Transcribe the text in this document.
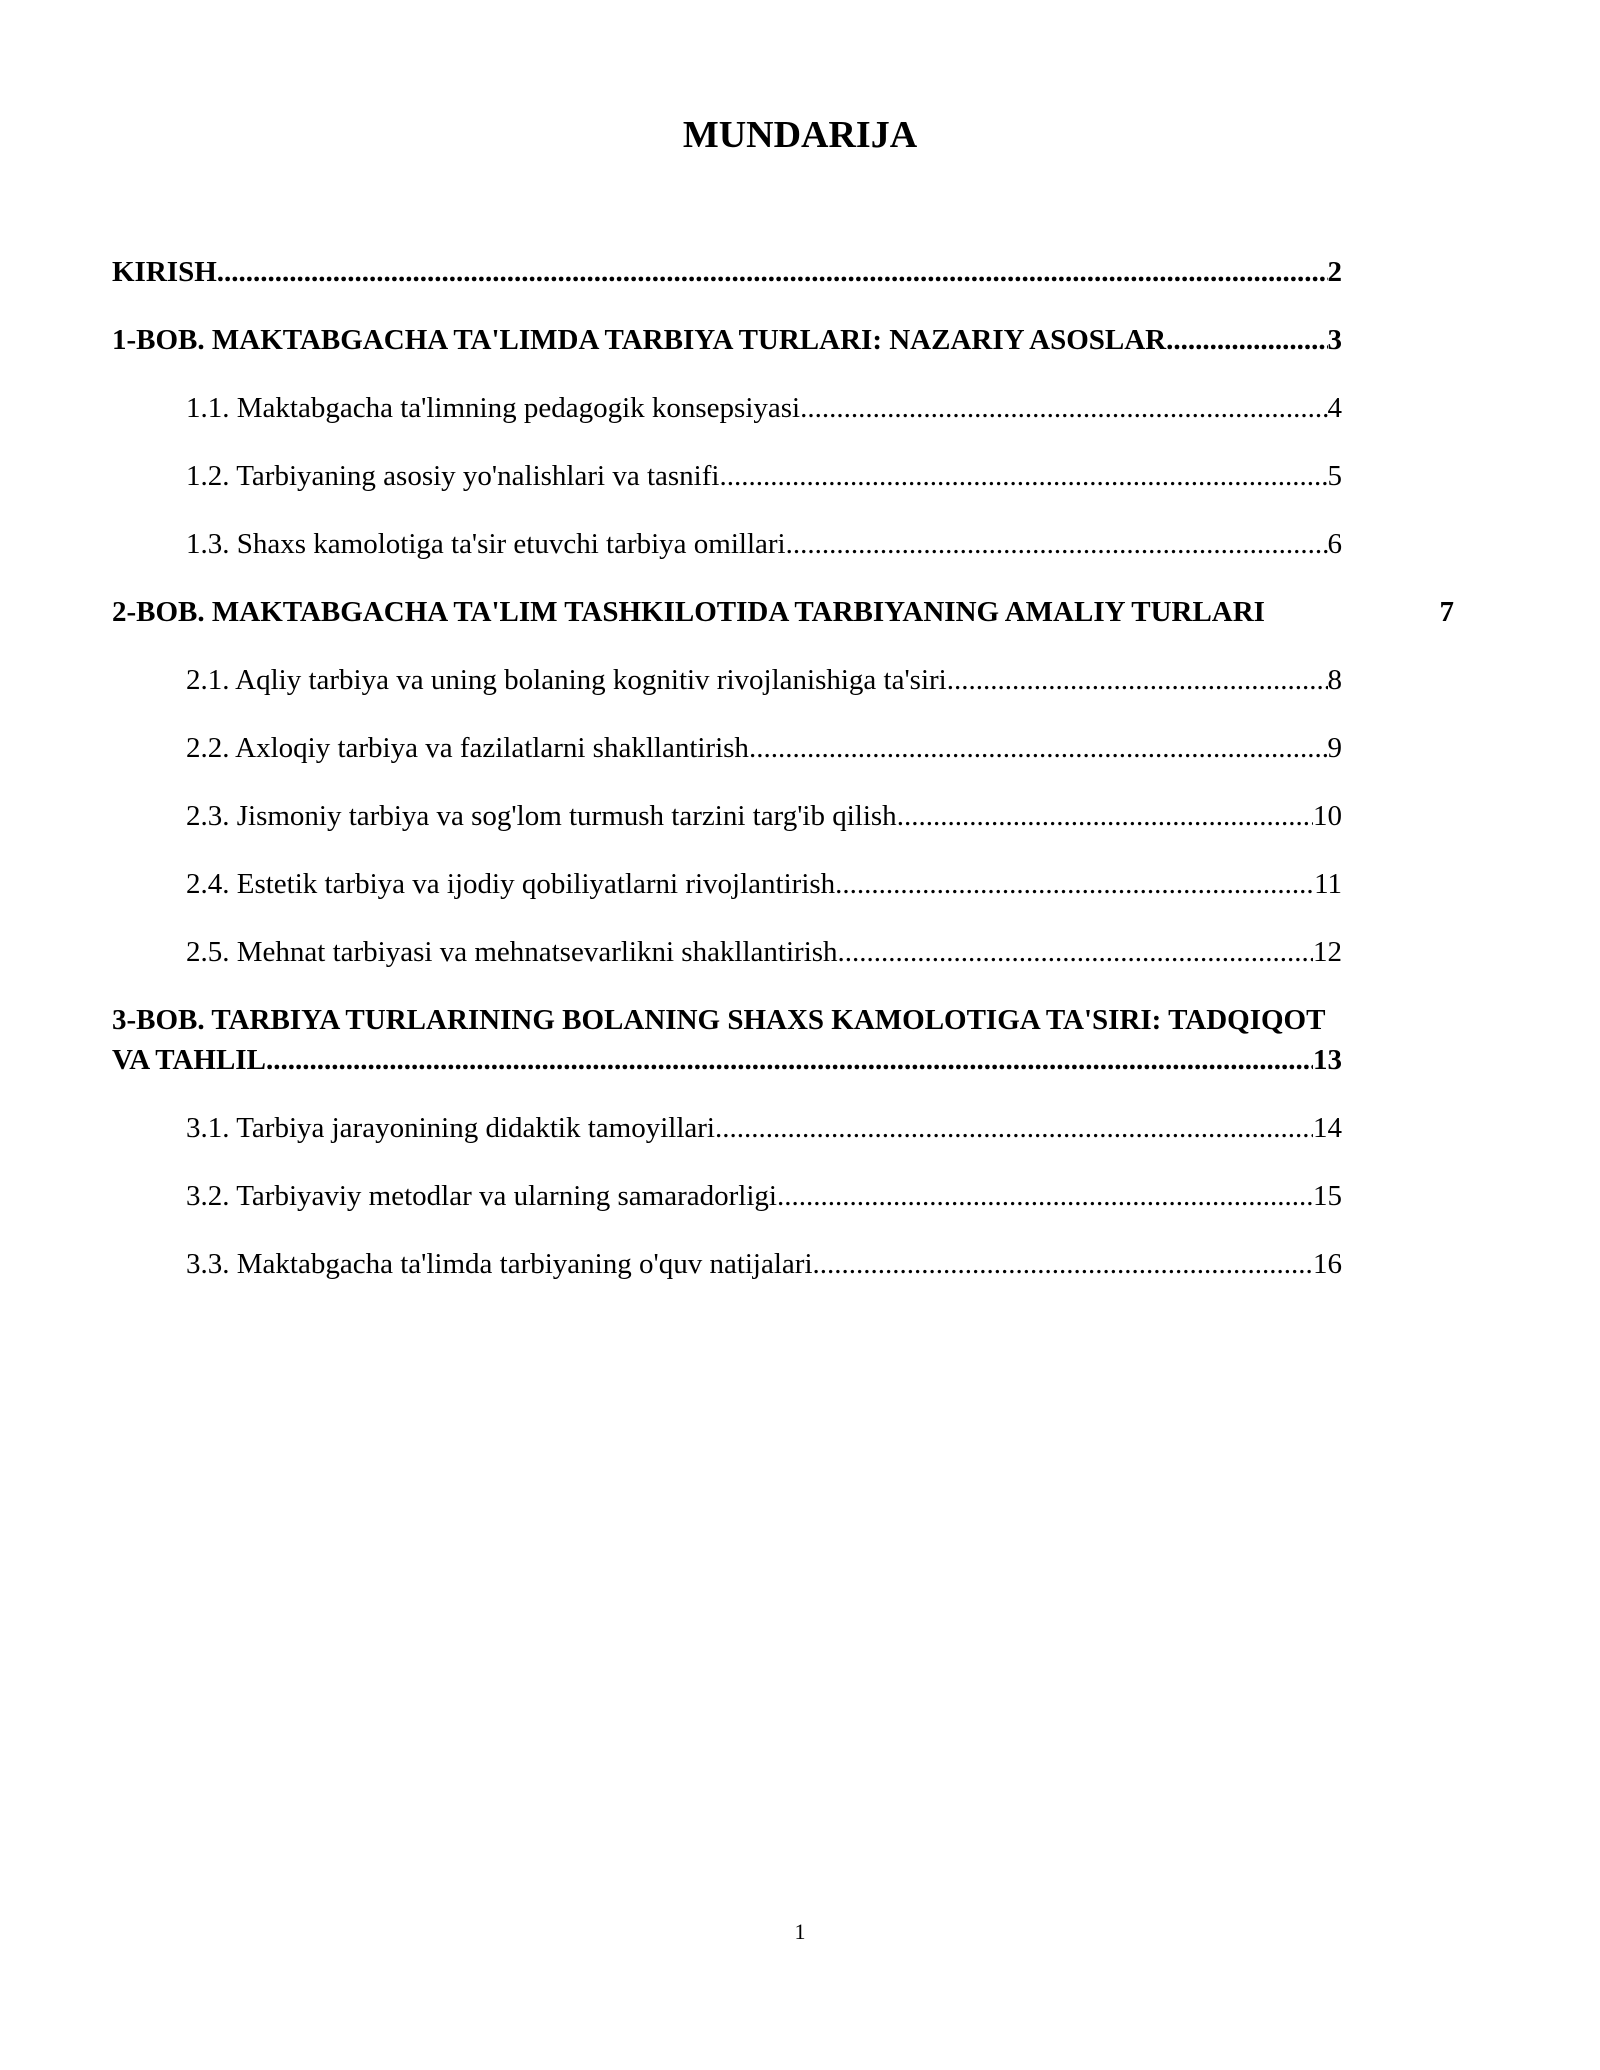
MUNDARIJA
KIRISH .....	2
1-BOB. MAKTABGACHA TA'LIMDA TARBIYA TURLARI: NAZARIY ASOSLAR .....	3
1.1. Maktabgacha ta'limning pedagogik konsepsiyasi .....	4
1.2. Tarbiyaning asosiy yo'nalishlari va tasnifi .....	5
1.3. Shaxs kamolotiga ta'sir etuvchi tarbiya omillari .....	6
2-BOB. MAKTABGACHA TA'LIM TASHKILOTIDA TARBIYANING AMALIY TURLARI	7
2.1. Aqliy tarbiya va uning bolaning kognitiv rivojlanishiga ta'siri .....	8
2.2. Axloqiy tarbiya va fazilatlarni shakllantirish .....	9
2.3. Jismoniy tarbiya va sog'lom turmush tarzini targ'ib qilish .....	10
2.4. Estetik tarbiya va ijodiy qobiliyatlarni rivojlantirish .....	11
2.5. Mehnat tarbiyasi va mehnatsevarlikni shakllantirish .....	12
3-BOB. TARBIYA TURLARINING BOLANING SHAXS KAMOLOTIGA TA'SIRI: TADQIQOT
VA TAHLIL .....	13
3.1. Tarbiya jarayonining didaktik tamoyillari .....	14
3.2. Tarbiyaviy metodlar va ularning samaradorligi .....	15
3.3. Maktabgacha ta'limda tarbiyaning o'quv natijalari .....	16
1
